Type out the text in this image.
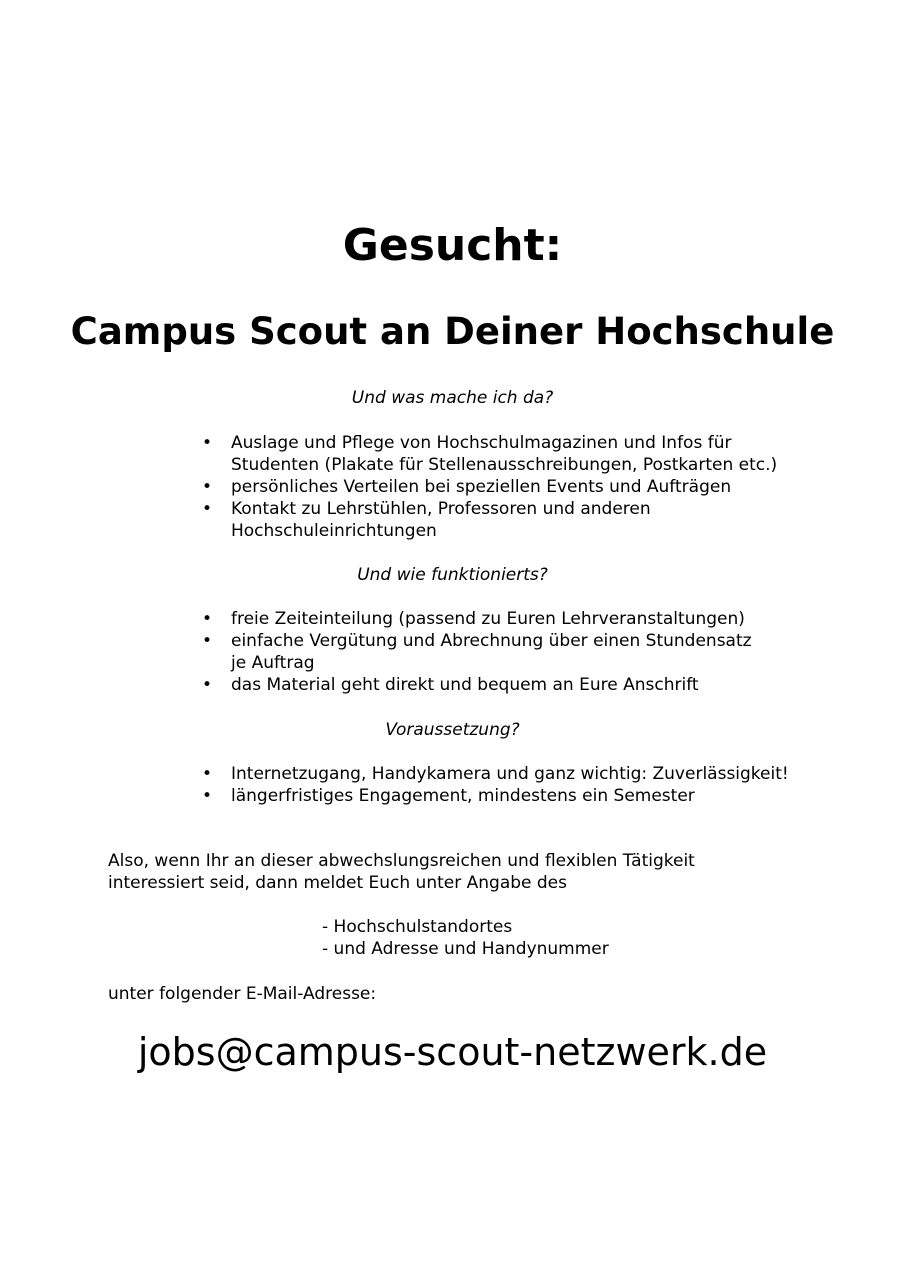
Gesucht:
Campus Scout an Deiner Hochschule

Und was mache ich da?

• Auslage und Pflege von Hochschulmagazinen und Infos für Studenten (Plakate für Stellenausschreibungen, Postkarten etc.)
• persönliches Verteilen bei speziellen Events und Aufträgen
• Kontakt zu Lehrstühlen, Professoren und anderen Hochschuleinrichtungen

Und wie funktionierts?

• freie Zeiteinteilung (passend zu Euren Lehrveranstaltungen)
• einfache Vergütung und Abrechnung über einen Stundensatz je Auftrag
• das Material geht direkt und bequem an Eure Anschrift

Voraussetzung?

• Internetzugang, Handykamera und ganz wichtig: Zuverlässigkeit!
• längerfristiges Engagement, mindestens ein Semester

Also, wenn Ihr an dieser abwechslungsreichen und flexiblen Tätigkeit interessiert seid, dann meldet Euch unter Angabe des

- Hochschulstandortes
- und Adresse und Handynummer

unter folgender E-Mail-Adresse:

jobs@campus-scout-netzwerk.de
